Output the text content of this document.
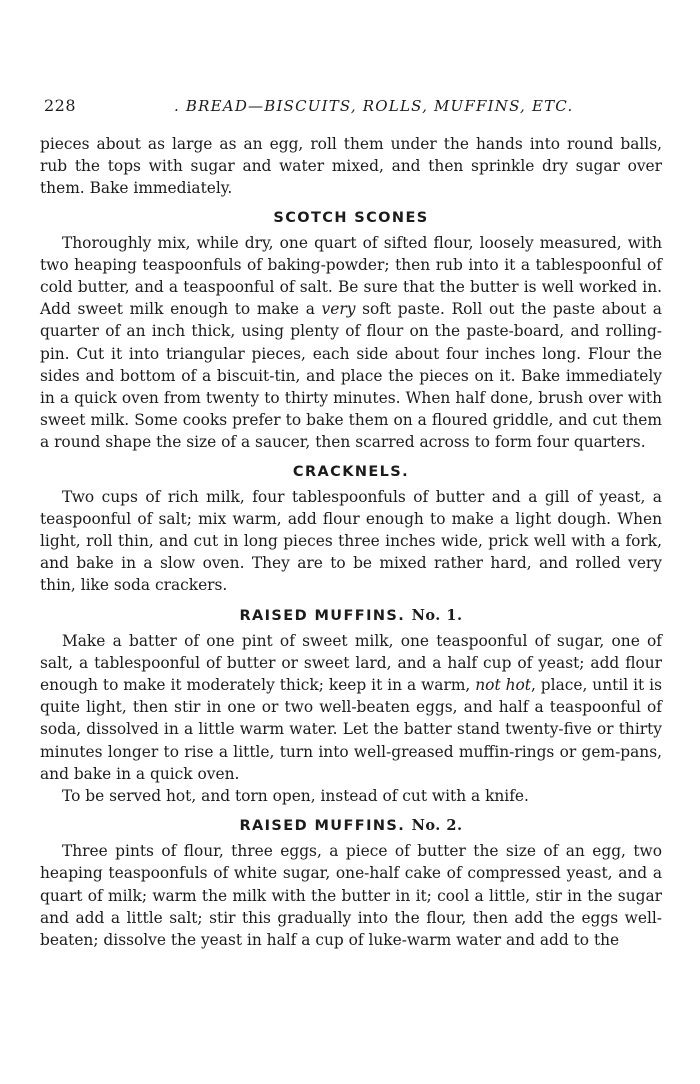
228	. BREAD—BISCUITS, ROLLS, MUFFINS, ETC.

pieces about as large as an egg, roll them under the hands into round balls, rub the tops with sugar and water mixed, and then sprinkle dry sugar over them. Bake immediately.

SCOTCH SCONES

Thoroughly mix, while dry, one quart of sifted flour, loosely measured, with two heaping teaspoonfuls of baking-powder; then rub into it a tablespoonful of cold butter, and a teaspoonful of salt. Be sure that the butter is well worked in. Add sweet milk enough to make a very soft paste. Roll out the paste about a quarter of an inch thick, using plenty of flour on the paste-board, and rolling-pin. Cut it into triangular pieces, each side about four inches long. Flour the sides and bottom of a biscuit-tin, and place the pieces on it. Bake immediately in a quick oven from twenty to thirty minutes. When half done, brush over with sweet milk. Some cooks prefer to bake them on a floured griddle, and cut them a round shape the size of a saucer, then scarred across to form four quarters.

CRACKNELS.

Two cups of rich milk, four tablespoonfuls of butter and a gill of yeast, a teaspoonful of salt; mix warm, add flour enough to make a light dough. When light, roll thin, and cut in long pieces three inches wide, prick well with a fork, and bake in a slow oven. They are to be mixed rather hard, and rolled very thin, like soda crackers.

RAISED MUFFINS. No. 1.

Make a batter of one pint of sweet milk, one teaspoonful of sugar, one of salt, a tablespoonful of butter or sweet lard, and a half cup of yeast; add flour enough to make it moderately thick; keep it in a warm, not hot, place, until it is quite light, then stir in one or two well-beaten eggs, and half a teaspoonful of soda, dissolved in a little warm water. Let the batter stand twenty-five or thirty minutes longer to rise a little, turn into well-greased muffin-rings or gem-pans, and bake in a quick oven.

To be served hot, and torn open, instead of cut with a knife.

RAISED MUFFINS. No. 2.

Three pints of flour, three eggs, a piece of butter the size of an egg, two heaping teaspoonfuls of white sugar, one-half cake of compressed yeast, and a quart of milk; warm the milk with the butter in it; cool a little, stir in the sugar and add a little salt; stir this gradually into the flour, then add the eggs well-beaten; dissolve the yeast in half a cup of luke-warm water and add to the
